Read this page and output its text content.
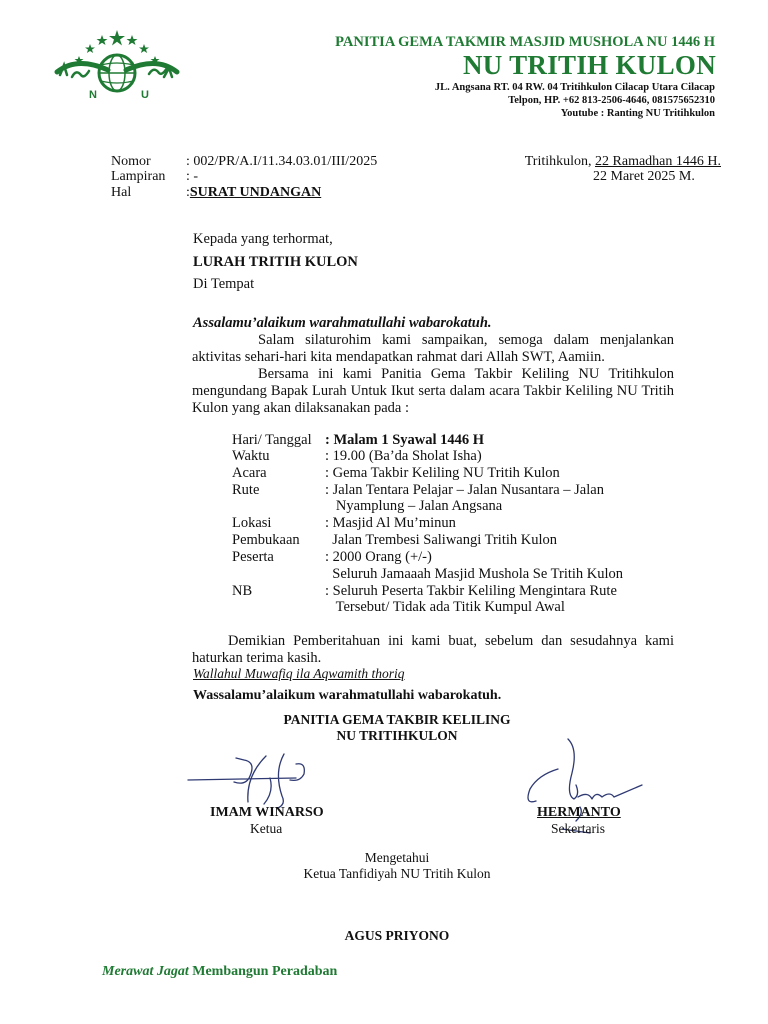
N	U
PANITIA GEMA TAKMIR MASJID MUSHOLA NU 1446 H
NU TRITIH KULON
JL. Angsana RT. 04 RW. 04 Tritihkulon Cilacap Utara Cilacap
Telpon, HP. +62 813-2506-4646, 081575652310
Youtube : Ranting NU Tritihkulon
Nomor	: 002/PR/A.I/11.34.03.01/III/2025
Lampiran : -
Hal	:SURAT UNDANGAN
Tritihkulon, 22 Ramadhan 1446 H.
22 Maret 2025 M.
Kepada yang terhormat,
LURAH TRITIH KULON
Di Tempat
Assalamu’alaikum warahmatullahi wabarokatuh.
Salam silaturohim kami sampaikan, semoga dalam menjalankan aktivitas sehari-hari kita mendapatkan rahmat dari Allah SWT, Aamiin.
Bersama ini kami Panitia Gema Takbir Keliling NU Tritihkulon mengundang Bapak Lurah Untuk Ikut serta dalam acara Takbir Keliling NU Tritih Kulon yang akan dilaksanakan pada :
Hari/ Tanggal : Malam 1 Syawal 1446 H
Waktu	: 19.00 (Ba’da Sholat Isha)
Acara	: Gema Takbir Keliling NU Tritih Kulon
Rute	: Jalan Tentara Pelajar – Jalan Nusantara – Jalan
Nyamplung – Jalan Angsana
Lokasi	: Masjid Al Mu’minun
Pembukaan Jalan Trembesi Saliwangi Tritih Kulon
Peserta	: 2000 Orang (+/-)
Seluruh Jamaaah Masjid Mushola Se Tritih Kulon
NB	: Seluruh Peserta Takbir Keliling Mengintara Rute
Tersebut/ Tidak ada Titik Kumpul Awal
Demikian Pemberitahuan ini kami buat, sebelum dan sesudahnya kami haturkan terima kasih.
Wallahul Muwafiq ila Aqwamith thoriq
Wassalamu’alaikum warahmatullahi wabarokatuh.
PANITIA GEMA TAKBIR KELILING
NU TRITIHKULON
IMAM WINARSO
Ketua
HERMANTO
Sekertaris
Mengetahui
Ketua Tanfidiyah NU Tritih Kulon
AGUS PRIYONO
Merawat Jagat Membangun Peradaban
